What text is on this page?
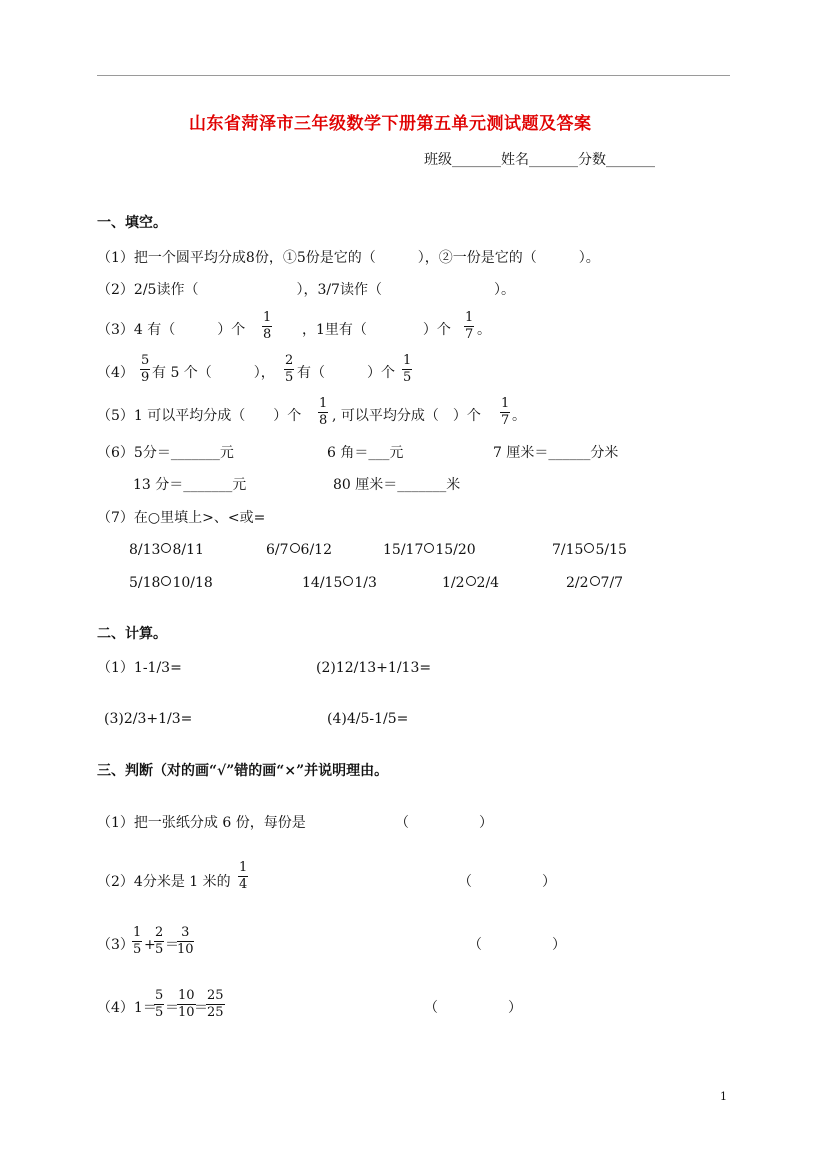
山东省菏泽市三年级数学下册第五单元测试题及答案
班级_______姓名_______分数_______
一、填空。
（1）把一个圆平均分成8份，①5份是它的（　　　），②一份是它的（　　　）。
（2）2/5读作（　　　　　　　），3/7读作（　　　　　　　　）。
（3）4 有（　　　）个 $\frac{1}{8}$ ，1里有（　　　　）个 $\frac{1}{7}$ 。
$(4) \frac{5}{9}$ 有 5 个（　　　）， $\frac{2}{5}$ 有（　　　）个 $\frac{1}{5}$
（5）1 可以平均分成（　　）个 $\frac{1}{8}$ , 可以平均分成（　）个 $\frac{1}{7}$ 。
（6）5分＝_______元	6 角＝___元	7 厘米＝______分米
13 分＝_______元	80 厘米＝_______米
（7）在○里填上>、<或=
8/13 8/11	6/7 6/12	15/17 15/20	7/15 5/15
5/18 10/18	14/15 1/3	1/2 2/4	2/2 7/7
二、计算。
（1）1-1/3=	(2)12/13+1/13=
(3)2/3+1/3=	(4)4/5-1/5=
三、判断（对的画“√”错的画“×”并说明理由。
（1）把一张纸分成 6 份，每份是	（　　　　　）
（2）4分米是 1 米的 $\frac{1}{4}$	（　　　　　）
（3）
$\frac{1}{5}$ +
$\frac{2}{5}$ ＝
$\frac{3}{10}$	（　　　　　）
（4）1＝
$\frac{5}{5}$ ＝
$\frac{10}{10}$
＝
$\frac{25}{25}$	（　　　　　）
1
